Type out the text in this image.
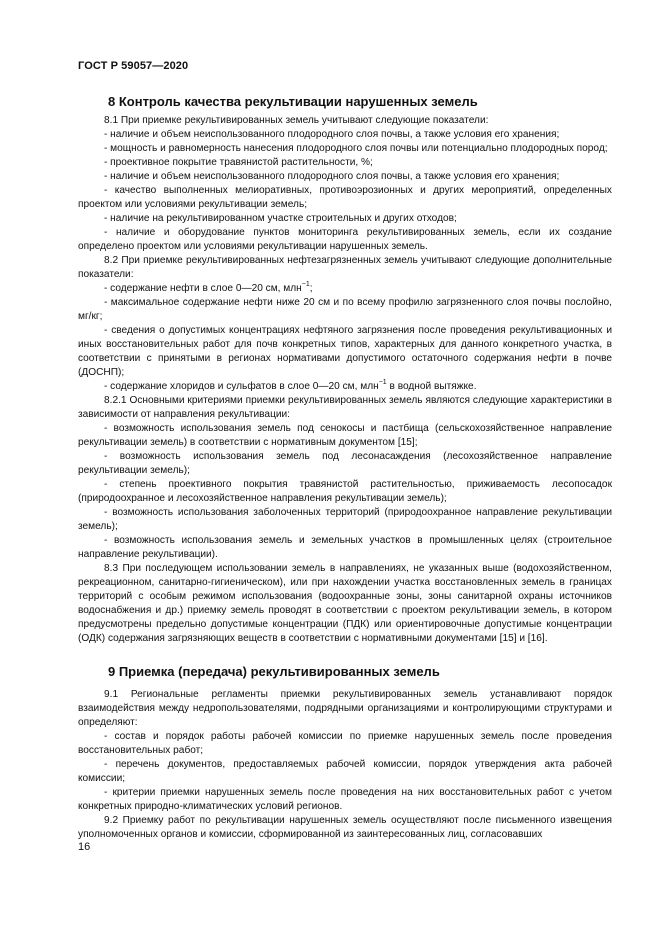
ГОСТ Р 59057—2020
8 Контроль качества рекультивации нарушенных земель

8.1 При приемке рекультивированных земель учитывают следующие показатели:

- наличие и объем неиспользованного плодородного слоя почвы, а также условия его хранения;

- мощность и равномерность нанесения плодородного слоя почвы или потенциально плодородных пород;

- проективное покрытие травянистой растительности, %;

- наличие и объем неиспользованного плодородного слоя почвы, а также условия его хранения;

- качество выполненных мелиоративных, противоэрозионных и других мероприятий, определенных проектом или условиями рекультивации земель;

- наличие на рекультивированном участке строительных и других отходов;

- наличие и оборудование пунктов мониторинга рекультивированных земель, если их создание определено проектом или условиями рекультивации нарушенных земель.

8.2 При приемке рекультивированных нефтезагрязненных земель учитывают следующие дополнительные показатели:

- содержание нефти в слое 0—20 см, млн$^{-1}$;

- максимальное содержание нефти ниже 20 см и по всему профилю загрязненного слоя почвы послойно, мг/кг;

- сведения о допустимых концентрациях нефтяного загрязнения после проведения рекультивационных и иных восстановительных работ для почв конкретных типов, характерных для данного конкретного участка, в соответствии с принятыми в регионах нормативами допустимого остаточного содержания нефти в почве (ДОСНП);

- содержание хлоридов и сульфатов в слое 0—20 см, млн$^{-1}$ в водной вытяжке.

8.2.1 Основными критериями приемки рекультивированных земель являются следующие характеристики в зависимости от направления рекультивации:

- возможность использования земель под сенокосы и пастбища (сельскохозяйственное направление рекультивации земель) в соответствии с нормативным документом [15];

- возможность использования земель под лесонасаждения (лесохозяйственное направление рекультивации земель);

- степень проективного покрытия травянистой растительностью, приживаемость лесопосадок (природоохранное и лесохозяйственное направления рекультивации земель);

- возможность использования заболоченных территорий (природоохранное направление рекультивации земель);

- возможность использования земель и земельных участков в промышленных целях (строительное направление рекультивации).

8.3 При последующем использовании земель в направлениях, не указанных выше (водохозяйственном, рекреационном, санитарно-гигиеническом), или при нахождении участка восстановленных земель в границах территорий с особым режимом использования (водоохранные зоны, зоны санитарной охраны источников водоснабжения и др.) приемку земель проводят в соответствии с проектом рекультивации земель, в котором предусмотрены предельно допустимые концентрации (ПДК) или ориентировочные допустимые концентрации (ОДК) содержания загрязняющих веществ в соответствии с нормативными документами [15] и [16].

9 Приемка (передача) рекультивированных земель

9.1 Региональные регламенты приемки рекультивированных земель устанавливают порядок взаимодействия между недропользователями, подрядными организациями и контролирующими структурами и определяют:

- состав и порядок работы рабочей комиссии по приемке нарушенных земель после проведения восстановительных работ;

- перечень документов, предоставляемых рабочей комиссии, порядок утверждения акта рабочей комиссии;

- критерии приемки нарушенных земель после проведения на них восстановительных работ с учетом конкретных природно-климатических условий регионов.

9.2 Приемку работ по рекультивации нарушенных земель осуществляют после письменного извещения уполномоченных органов и комиссии, сформированной из заинтересованных лиц, согласовавших

16
